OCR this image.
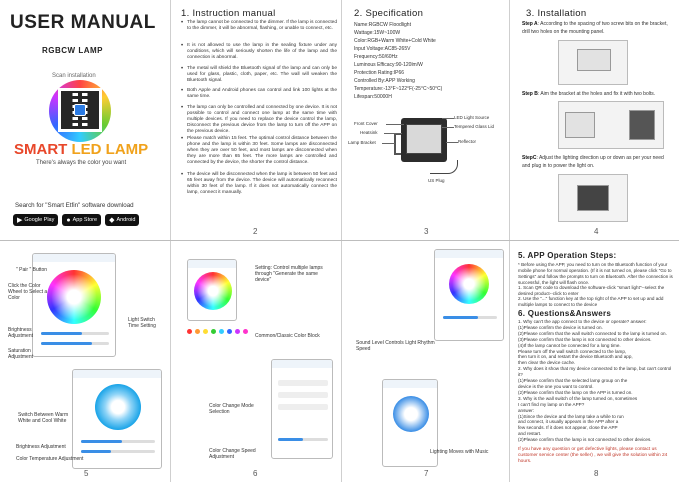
USER MANUAL
RGBCW LAMP
Scan installation
SMART LED LAMP
There's always the color you want
Search for "Smart Etfin" software download
▶ Google Play ● App Store ◆ Android
1. Instruction manual
• The lamp cannot be connected to the dimmer. If the lamp is connected to the dimmer, it will be abnormal, flashing, or unable to connect, etc.
• It is not allowed to use the lamp in the sealing fixture under any conditions, which will seriously shorten the life of the lamp and the connection is abnormal.
• The metal will shield the Bluetooth signal of the lamp and can only be used for glass, plastic, cloth, paper, etc. The wall will weaken the Bluetooth signal.
• Both Apple and Android phones can control and link 100 lights at the same time.
• The lamp can only be controlled and connected by one device. It is not possible to control and connect one lamp at the same time with multiple devices. If you need to replace the device control the lamp, Disconnect the previous device from the lamp to turn off the APP on the previous device.
• Please match within 15 feet. The optimal control distance between the phone and the lamp is within 30 feet. Some lamps are disconnected when they are over 50 feet, and most lamps are disconnected when they are more than 65 feet. The more lamps are controlled and connected by the device, the shorter the control distance.
• The device will be disconnected when the lamp is between 50 feet and 65 feet away from the device. The device will automatically reconnect within 30 feet of the lamp. If it does not automatically connect the lamp, connect it manually.
2
2. Specification
Name:RGBCW Floodlight
Wattage:15W~100W
Color:RGB+Warm White+Cold White
Input Voltage:AC85-265V
Frequency:50/60Hz
Luminous Efficacy:90-120lm/W
Protection Rating:IP66
Controlled By:APP Working
Temperature:-13°F~122°F(-25°C~50°C)
Lifespan:50000H
Front Cover
Heatsink
Lamp Bracket
LED Light Source
Tempered Glass Lid
Reflector
US Plug
3
3. Installation
Step A: According to the spacing of two screw bits on the bracket, drill two holes on the mounting panel.
Step B: Aim the bracket at the holes and fix it with two bolts.
StepC: Adjust the lighting direction up or down as per your need and plug in to power the light on.
4
" Pair " Button
Click the Color Wheel to Select a Color
Light Switch Time Setting
Brightness Adjustment
Saturation Adjustment
Switch Between Warm White and Cool White
Brightness Adjustment
Color Temperature Adjustment
5
Setting: Control multiple lamps through "Generate the same device"
Common/Classic Color Block
Color Change Mode Selection
Color Change Speed Adjustment
6
Sound Level Controls Light Rhythm Speed
Lighting Moves with Music
7
5. APP Operation Steps:
* Before using the APP, you need to turn on the Bluetooth function of your mobile phone for normal operation. (If it is not turned on, please click "Go to Settings" and follow the prompts to turn on Bluetooth. After the connection is successful, the light will flash once.
1. Scan QR code to download the software-click "smart light"--select the desired product--click to enter
2. Use the "..." function key at the top right of the APP to set up and add multiple lamps to connect to the device
6. Questions&Answers
1. Why can't the app connect to the device or operate? answer:
(1)Please confirm the device is turned on.
(2)Please confirm that the wall switch connected to the lamp is turned on.
(3)Please confirm that the lamp is not connected to other devices.
(4)If the lamp cannot be connected for a long time.
Please turn off the wall switch connected to the lamp,
then turn it on, and restart the device Bluetooth and app,
then clear the device cache.
2. Why does it show that my device connected to the lamp, but can't control it?
(1)Please confirm that the selected lamp group on the
device is the one you want to control.
(2)Please confirm that the lamp on the APP is turned on.
3. Why is the wall switch of the lamp turned on, sometimes
I can't find my lamp on the APP?
answer:
(1)Since the device and the lamp take a while to run
and connect, it usually appears in the APP after a
few seconds. If it does not appear, close the APP
and restart.
(2)Please confirm that the lamp is not connected to other devices.
If you have any question or get defective lights, please contact us customer service center (the seller) , we will give the solution within 24 hours.
8
